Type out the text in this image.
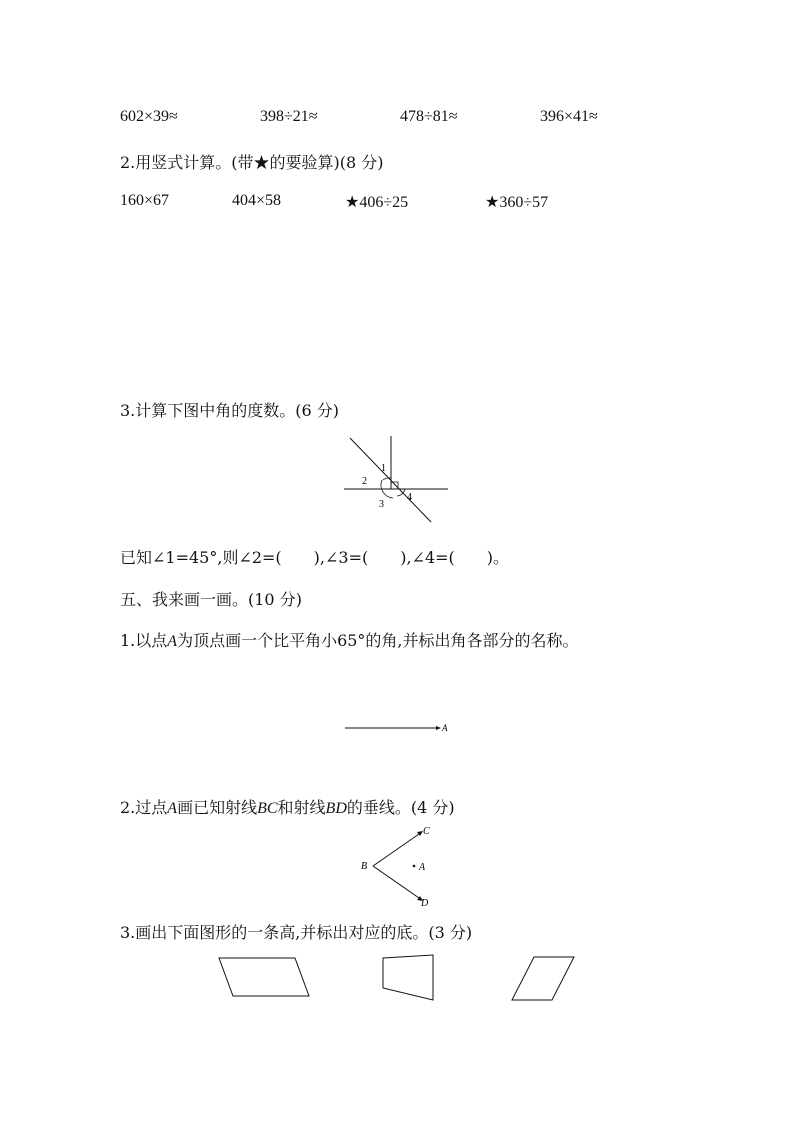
602×39≈	398÷21≈	478÷81≈	396×41≈
2.用竖式计算。(带★的要验算)(8 分)
160×67	404×58	★406÷25	★360÷57
3.计算下图中角的度数。(6 分)
1
2
3
4
已知∠1=45°,则∠2=(　　),∠3=(　　),∠4=(　　)。
五、我来画一画。(10 分)
1.以点A为顶点画一个比平角小65°的角,并标出角各部分的名称。
A
2.过点A画已知射线BC和射线BD的垂线。(4 分)
B
C
D
A
3.画出下面图形的一条高,并标出对应的底。(3 分)
